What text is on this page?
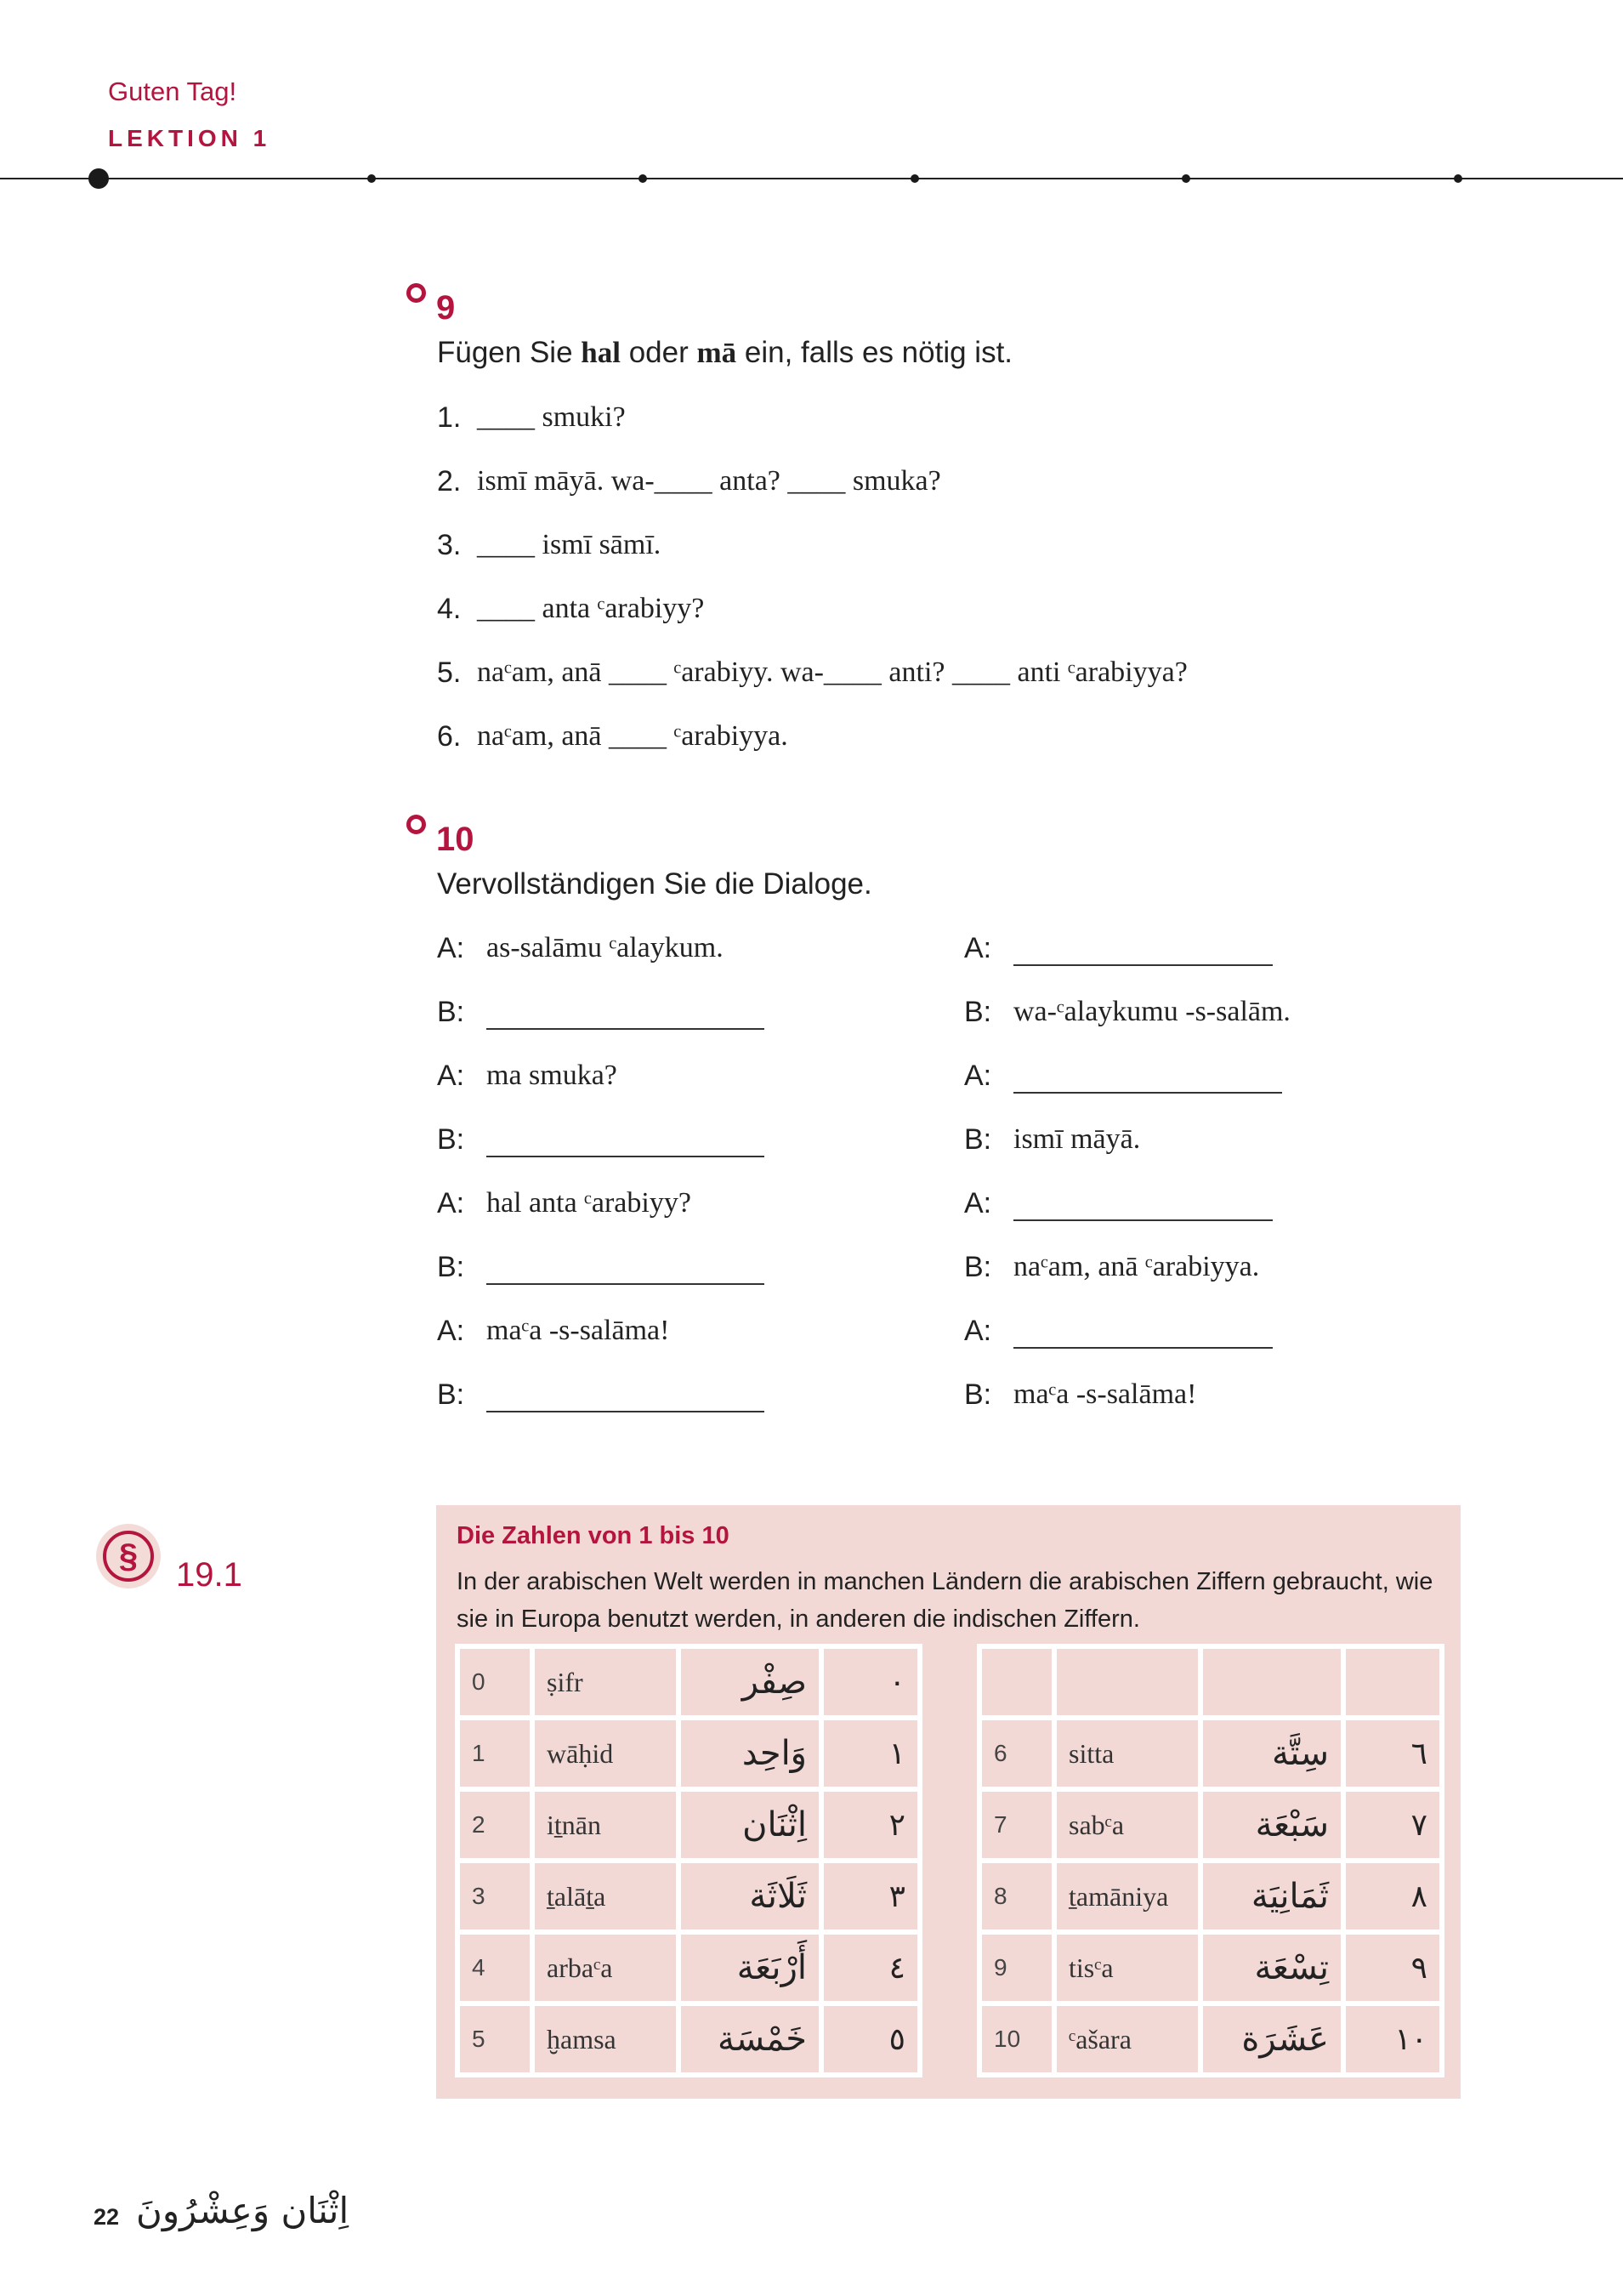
Guten Tag!
LEKTION 1
9
Fügen Sie hal oder mā ein, falls es nötig ist.
1. ____ smuki?
2. ismī māyā. wa-____ anta? ____ smuka?
3. ____ ismī sāmī.
4. ____ anta ᶜarabiyy?
5. naᶜam, anā ____ ᶜarabiyy. wa-____ anti? ____ anti ᶜarabiyya?
6. naᶜam, anā ____ ᶜarabiyya.
10
Vervollständigen Sie die Dialoge.
A: as-salāmu ᶜalaykum.
B:
A: ma smuka?
B:
A: hal anta ᶜarabiyy?
B:
A: maᶜa -s-salāma!
B:
A:
B: wa-ᶜalaykumu -s-salām.
A:
B: ismī māyā.
A:
B: naᶜam, anā ᶜarabiyya.
A:
B: maᶜa -s-salāma!
§	19.1
Die Zahlen von 1 bis 10
In der arabischen Welt werden in manchen Ländern die arabischen Ziffern gebraucht, wie sie in Europa benutzt werden, in anderen die indischen Ziffern.
0	ṣifr	صِفْر	٠
1	wāḥid	وَاحِد	١
2	iṯnān	اِثْنَان	٢
3	ṯalāṯa	ثَلَاثَة	٣
4	arbaᶜa	أَرْبَعَة	٤
5	ḫamsa	خَمْسَة	٥

6	sitta	سِتَّة	٦
7	sabᶜa	سَبْعَة	٧
8	ṯamāniya	ثَمَانِيَة	٨
9	tisᶜa	تِسْعَة	٩
10	ᶜašara	عَشَرَة	١٠
22 اِثْنَان وَعِشْرُونَ
